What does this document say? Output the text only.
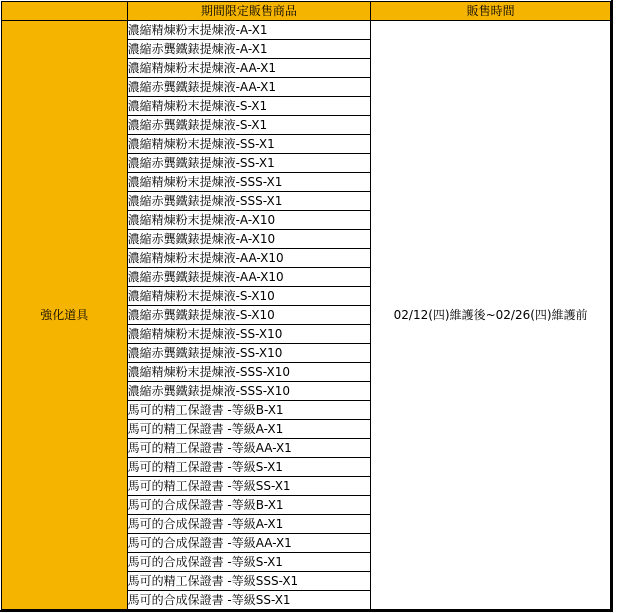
	期間限定販售商品	販售時間
強化道具	濃縮精煉粉末提煉液-A-X1	02/12(四)維護後~02/26(四)維護前
	濃縮赤龔鐵錶提煉液-A-X1	
	濃縮精煉粉末提煉液-AA-X1	
	濃縮赤龔鐵錶提煉液-AA-X1	
	濃縮精煉粉末提煉液-S-X1	
	濃縮赤龔鐵錶提煉液-S-X1	
	濃縮精煉粉末提煉液-SS-X1	
	濃縮赤龔鐵錶提煉液-SS-X1	
	濃縮精煉粉末提煉液-SSS-X1	
	濃縮赤龔鐵錶提煉液-SSS-X1	
	濃縮精煉粉末提煉液-A-X10	
	濃縮赤龔鐵錶提煉液-A-X10	
	濃縮精煉粉末提煉液-AA-X10	
	濃縮赤龔鐵錶提煉液-AA-X10	
	濃縮精煉粉末提煉液-S-X10	
	濃縮赤龔鐵錶提煉液-S-X10	
	濃縮精煉粉末提煉液-SS-X10	
	濃縮赤龔鐵錶提煉液-SS-X10	
	濃縮精煉粉末提煉液-SSS-X10	
	濃縮赤龔鐵錶提煉液-SSS-X10	
	馬可的精工保證書 -等級B-X1	
	馬可的精工保證書 -等級A-X1	
	馬可的精工保證書 -等級AA-X1	
	馬可的精工保證書 -等級S-X1	
	馬可的精工保證書 -等級SS-X1	
	馬可的合成保證書 -等級B-X1	
	馬可的合成保證書 -等級A-X1	
	馬可的合成保證書 -等級AA-X1	
	馬可的合成保證書 -等級S-X1	
	馬可的精工保證書 -等級SSS-X1	
	馬可的合成保證書 -等級SS-X1	
